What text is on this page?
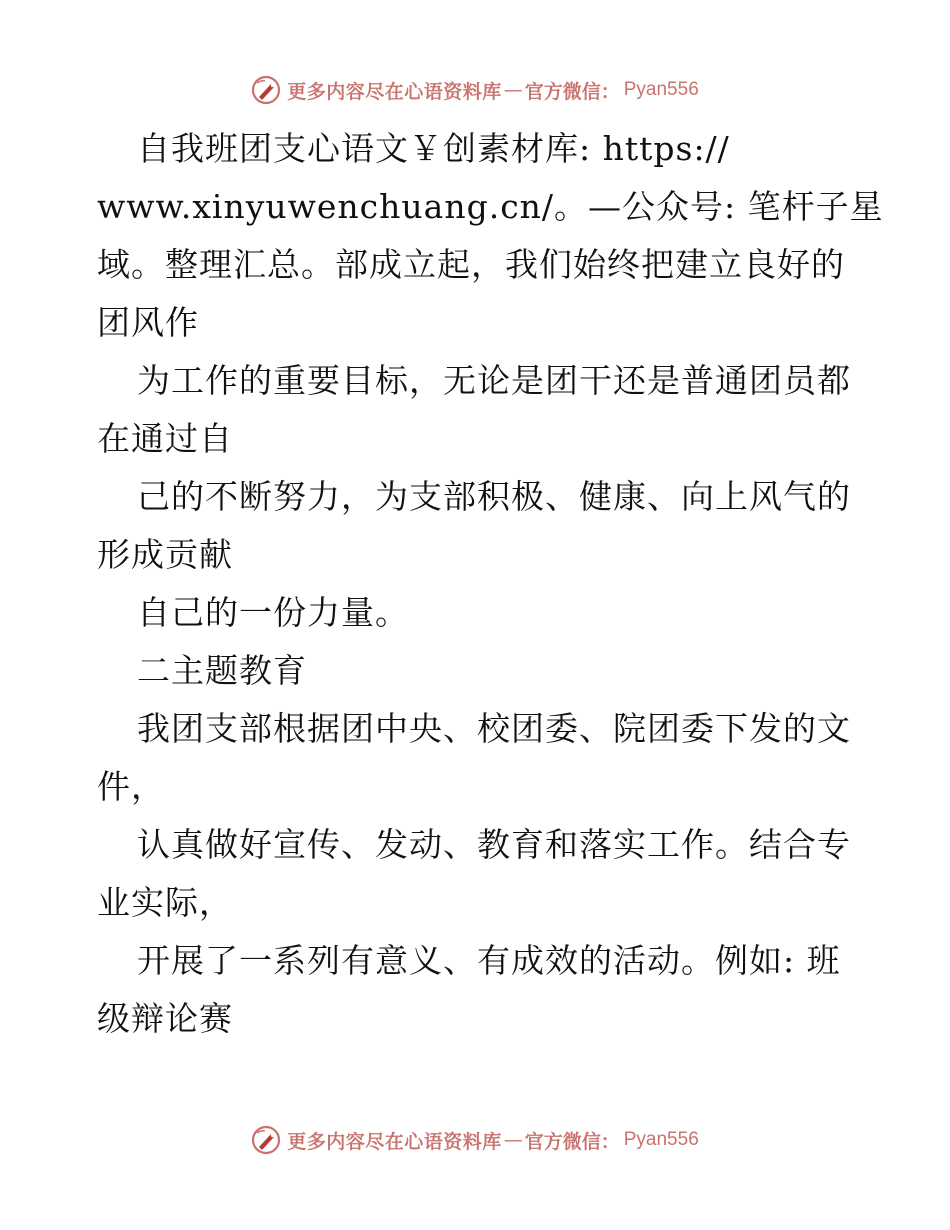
更多内容尽在心语资料库 — 官方微信： Pyan556
自我班团支心语文￥创素材库: https://
www.xinyuwenchuang.cn/。—公众号: 笔杆子星
域。整理汇总。部成立起，我们始终把建立良好的
团风作
为工作的重要目标，无论是团干还是普通团员都
在通过自
己的不断努力，为支部积极、健康、向上风气的
形成贡献
自己的一份力量。
二主题教育
我团支部根据团中央、校团委、院团委下发的文
件，
认真做好宣传、发动、教育和落实工作。结合专
业实际，
开展了一系列有意义、有成效的活动。例如: 班
级辩论赛
更多内容尽在心语资料库 — 官方微信： Pyan556
